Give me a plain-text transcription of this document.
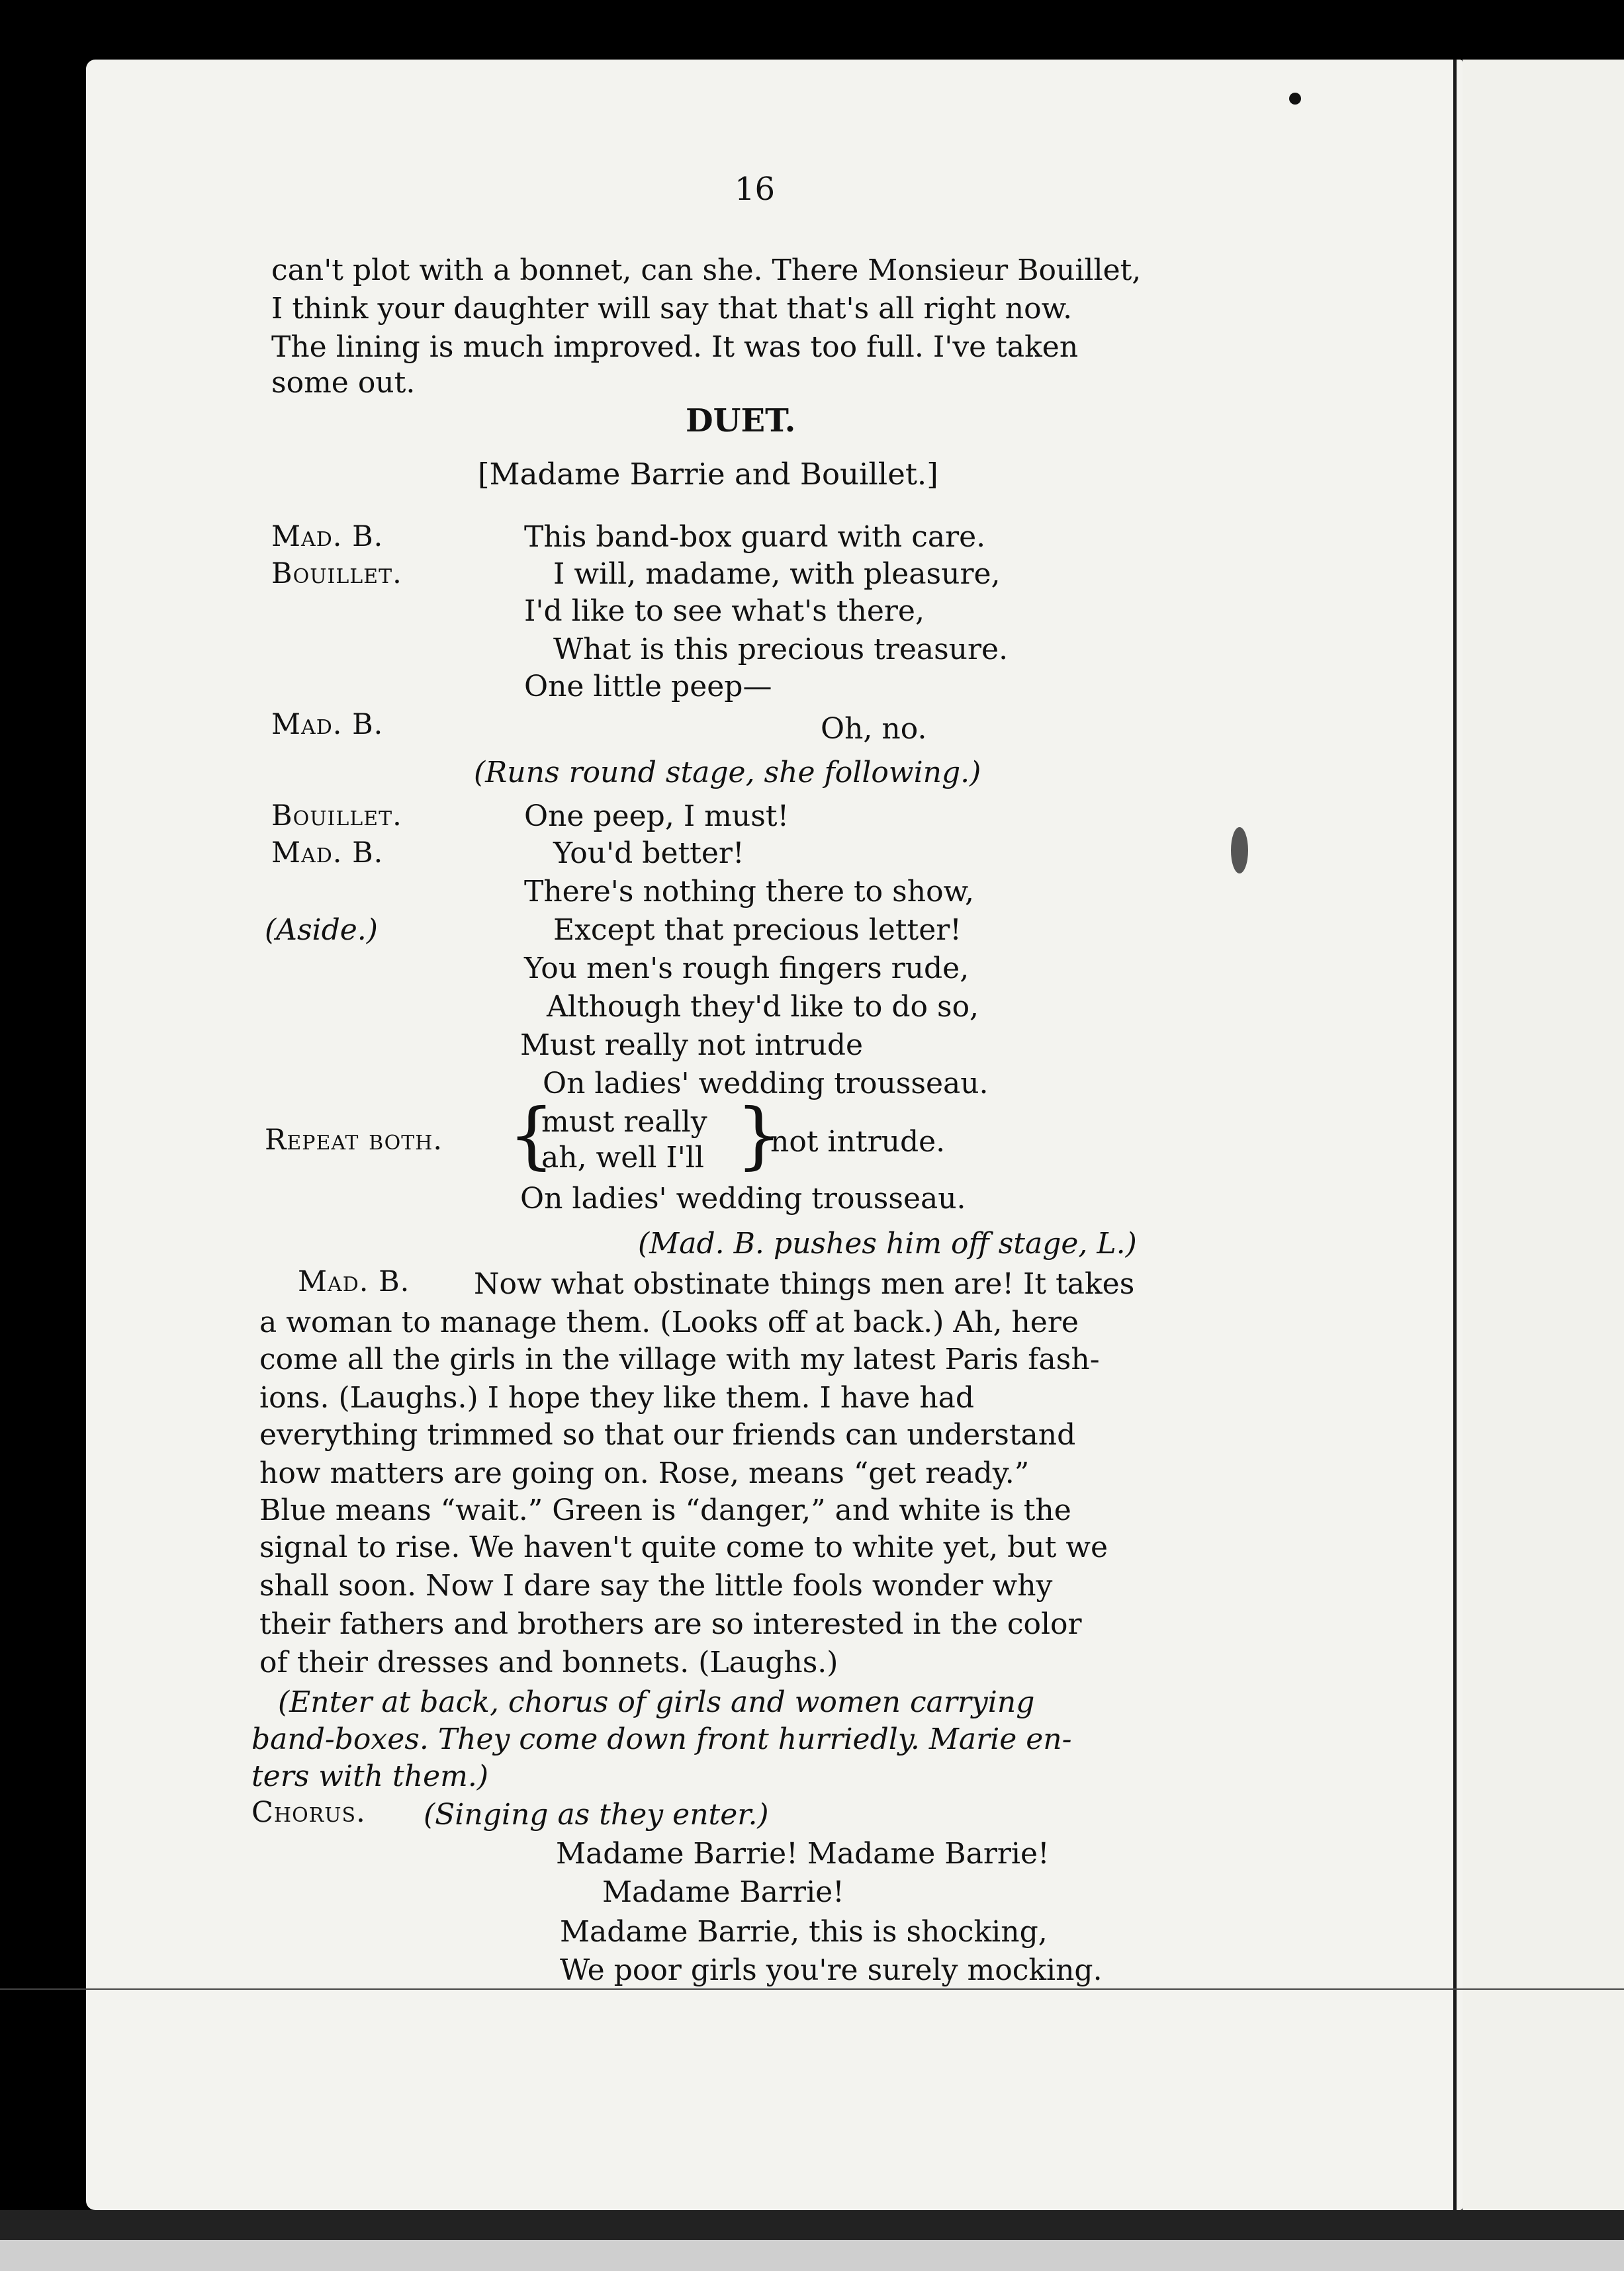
16
can't plot with a bonnet, can she. There Monsieur Bouillet,
I think your daughter will say that that's all right now.
The lining is much improved. It was too full. I've taken
some out.
DUET.
[Madame Barrie and Bouillet.]
Mad. B.	This band-box guard with care.
Bouillet.	I will, madame, with pleasure,
I'd like to see what's there,
What is this precious treasure.
One little peep—
Mad. B.	Oh, no.
(Runs round stage, she following.)
Bouillet.	One peep, I must!
Mad. B.	You'd better!
There's nothing there to show,
(Aside.)	Except that precious letter!
You men's rough fingers rude,
Although they'd like to do so,
Must really not intrude
On ladies' wedding trousseau.
Repeat both. {
must really
ah, well I'll }
not intrude.
On ladies' wedding trousseau.
(Mad. B. pushes him off stage, L.)
Mad. B. Now what obstinate things men are! It takes
a woman to manage them. (Looks off at back.) Ah, here
come all the girls in the village with my latest Paris fash-
ions. (Laughs.) I hope they like them. I have had
everything trimmed so that our friends can understand
how matters are going on. Rose, means “get ready.”
Blue means “wait.” Green is “danger,” and white is the
signal to rise. We haven't quite come to white yet, but we
shall soon. Now I dare say the little fools wonder why
their fathers and brothers are so interested in the color
of their dresses and bonnets. (Laughs.)
(Enter at back, chorus of girls and women carrying
band-boxes. They come down front hurriedly. Marie en-
ters with them.)
Chorus. (Singing as they enter.)
Madame Barrie! Madame Barrie!
Madame Barrie!
Madame Barrie, this is shocking,
We poor girls you're surely mocking.
